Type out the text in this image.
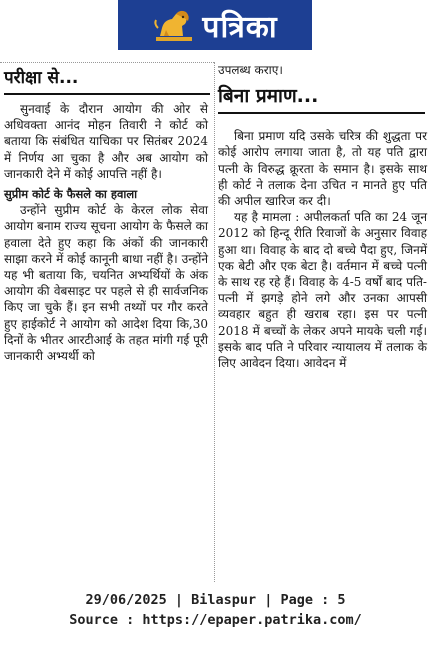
पत्रिका
परीक्षा से...

सुनवाई के दौरान आयोग की ओर से अधिवक्ता आनंद मोहन तिवारी ने कोर्ट को बताया कि संबंधित याचिका पर सितंबर 2024 में निर्णय आ चुका है और अब आयोग को जानकारी देने में कोई आपत्ति नहीं है।

सुप्रीम कोर्ट के फैसले का हवाला

उन्होंने सुप्रीम कोर्ट के केरल लोक सेवा आयोग बनाम राज्य सूचना आयोग के फैसले का हवाला देते हुए कहा कि अंकों की जानकारी साझा करने में कोई कानूनी बाधा नहीं है। उन्होंने यह भी बताया कि, चयनित अभ्यर्थियों के अंक आयोग की वेबसाइट पर पहले से ही सार्वजनिक किए जा चुके हैं। इन सभी तथ्यों पर गौर करते हुए हाईकोर्ट ने आयोग को आदेश दिया कि,30 दिनों के भीतर आरटीआई के तहत मांगी गई पूरी जानकारी अभ्यर्थी को

उपलब्ध कराए।

बिना प्रमाण...

बिना प्रमाण यदि उसके चरित्र की शुद्धता पर कोई आरोप लगाया जाता है, तो यह पति द्वारा पत्नी के विरुद्ध क्रूरता के समान है। इसके साथ ही कोर्ट ने तलाक देना उचित न मानते हुए पति की अपील खारिज कर दी।

यह है मामला : अपीलकर्ता पति का 24 जून 2012 को हिन्दू रीति रिवाजों के अनुसार विवाह हुआ था। विवाह के बाद दो बच्चे पैदा हुए, जिनमें एक बेटी और एक बेटा है। वर्तमान में बच्चे पत्नी के साथ रह रहे हैं। विवाह के 4-5 वर्षों बाद पति-पत्नी में झगड़े होने लगे और उनका आपसी व्यवहार बहुत ही खराब रहा। इस पर पत्नी 2018 में बच्चों के लेकर अपने मायके चली गई। इसके बाद पति ने परिवार न्यायालय में तलाक के लिए आवेदन दिया। आवेदन में

29/06/2025 | Bilaspur | Page : 5
Source : https://epaper.patrika.com/
